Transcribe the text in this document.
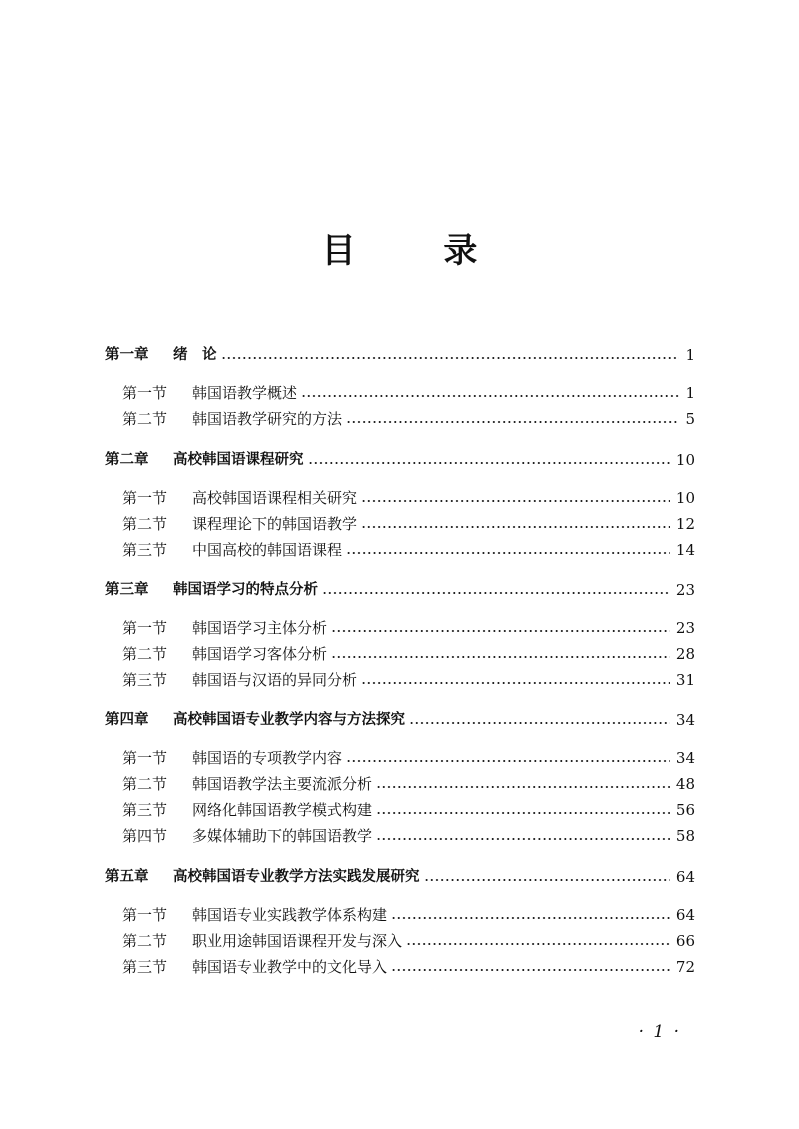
目 录
第一章	绪　论	1
第一节	韩国语教学概述	1
第二节	韩国语教学研究的方法	5
第二章	高校韩国语课程研究	10
第一节	高校韩国语课程相关研究	10
第二节	课程理论下的韩国语教学	12
第三节	中国高校的韩国语课程	14
第三章	韩国语学习的特点分析	23
第一节	韩国语学习主体分析	23
第二节	韩国语学习客体分析	28
第三节	韩国语与汉语的异同分析	31
第四章	高校韩国语专业教学内容与方法探究	34
第一节	韩国语的专项教学内容	34
第二节	韩国语教学法主要流派分析	48
第三节	网络化韩国语教学模式构建	56
第四节	多媒体辅助下的韩国语教学	58
第五章	高校韩国语专业教学方法实践发展研究	64
第一节	韩国语专业实践教学体系构建	64
第二节	职业用途韩国语课程开发与深入	66
第三节	韩国语专业教学中的文化导入	72
· 1 ·
